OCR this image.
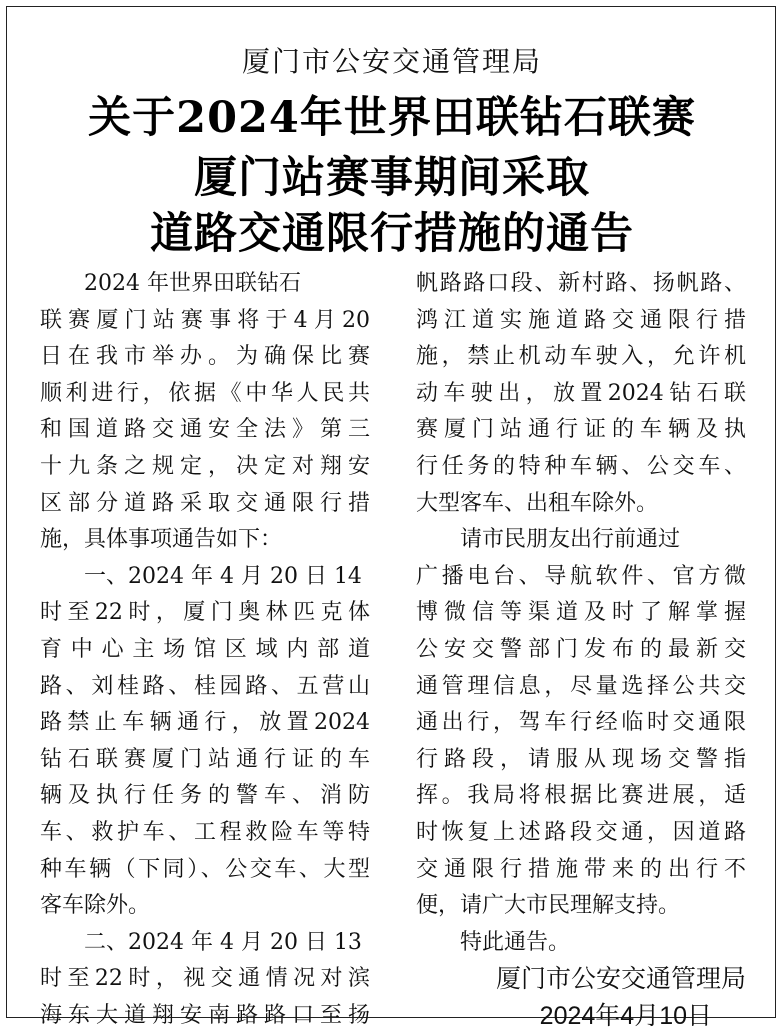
厦门市公安交通管理局
关于2024年世界田联钻石联赛
厦门站赛事期间采取
道路交通限行措施的通告
　　2024 年世界田联钻石
联赛厦门站赛事将于4月20
日在我市举办。为确保比赛
顺利进行，依据《中华人民共
和国道路交通安全法》第三
十九条之规定，决定对翔安
区部分道路采取交通限行措
施，具体事项通告如下：
　　一、2024 年 4 月 20 日 14
时至22时，厦门奥林匹克体
育中心主场馆区域内部道
路、刘桂路、桂园路、五营山
路禁止车辆通行，放置2024
钻石联赛厦门站通行证的车
辆及执行任务的警车、消防
车、救护车、工程救险车等特
种车辆（下同）、公交车、大型
客车除外。
　　二、2024 年 4 月 20 日 13
时至22时，视交通情况对滨
海东大道翔安南路路口至扬
帆路路口段、新村路、扬帆路、
鸿江道实施道路交通限行措
施，禁止机动车驶入，允许机
动车驶出，放置2024钻石联
赛厦门站通行证的车辆及执
行任务的特种车辆、公交车、
大型客车、出租车除外。
　　请市民朋友出行前通过
广播电台、导航软件、官方微
博微信等渠道及时了解掌握
公安交警部门发布的最新交
通管理信息，尽量选择公共交
通出行，驾车行经临时交通限
行路段，请服从现场交警指
挥。我局将根据比赛进展，适
时恢复上述路段交通，因道路
交通限行措施带来的出行不
便，请广大市民理解支持。
　　特此通告。
厦门市公安交通管理局
2024年4月10日
